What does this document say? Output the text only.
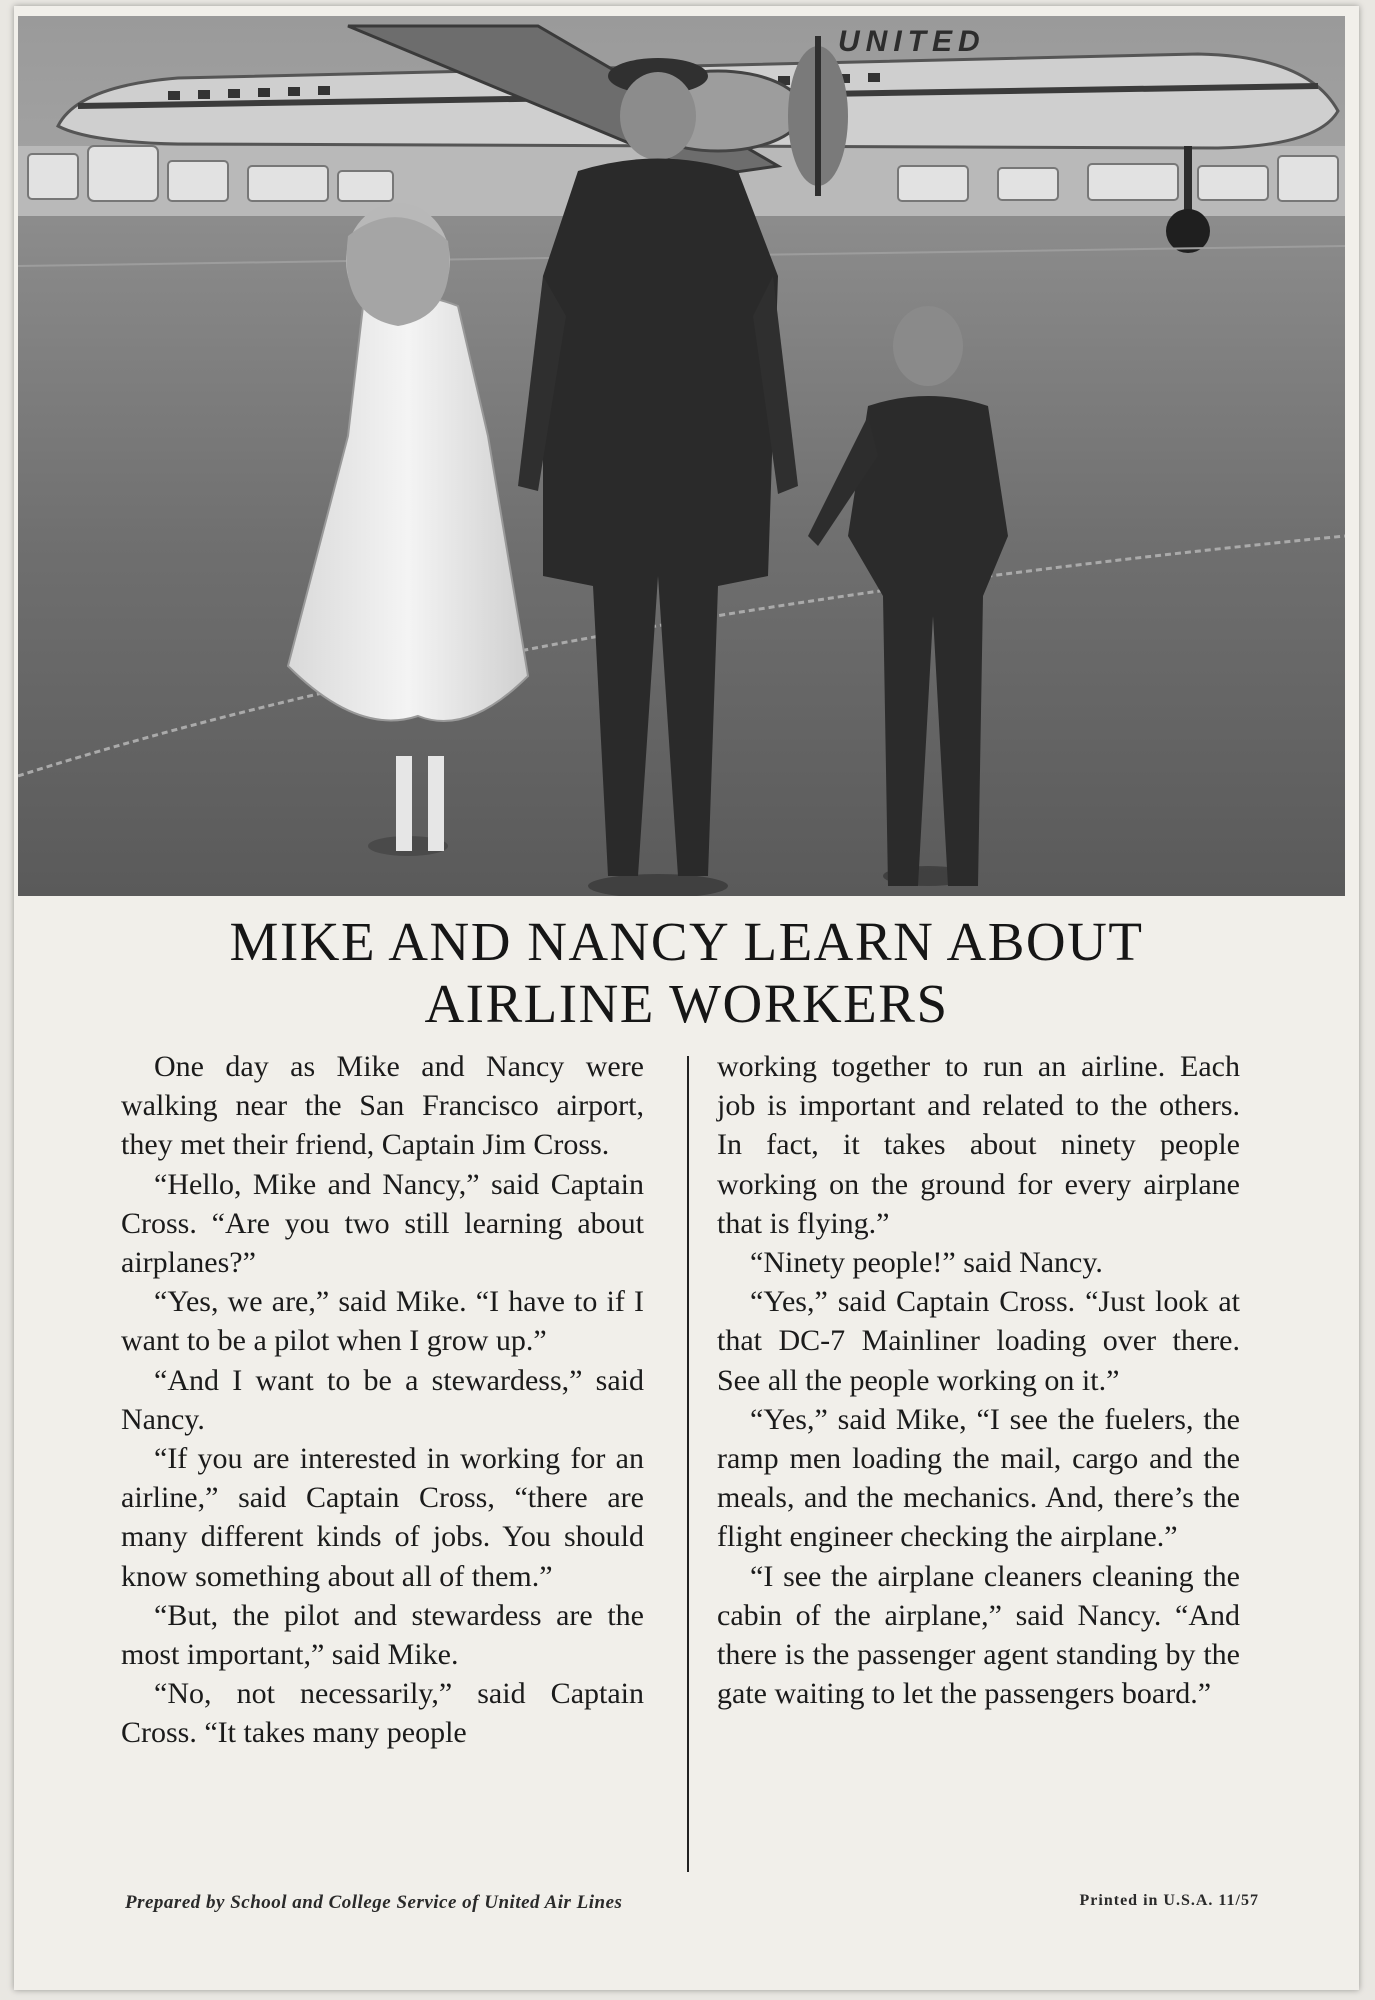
UNITED
MIKE AND NANCY LEARN ABOUT
AIRLINE WORKERS

One day as Mike and Nancy were walking near the San Francisco airport, they met their friend, Captain Jim Cross.

“Hello, Mike and Nancy,” said Captain Cross. “Are you two still learning about airplanes?”

“Yes, we are,” said Mike. “I have to if I want to be a pilot when I grow up.”

“And I want to be a stewardess,” said Nancy.

“If you are interested in working for an airline,” said Captain Cross, “there are many different kinds of jobs. You should know something about all of them.”

“But, the pilot and stewardess are the most important,” said Mike.

“No, not necessarily,” said Captain Cross. “It takes many people

working together to run an airline. Each job is important and related to the others. In fact, it takes about ninety people working on the ground for every airplane that is flying.”

“Ninety people!” said Nancy.

“Yes,” said Captain Cross. “Just look at that DC-7 Mainliner loading over there. See all the people working on it.”

“Yes,” said Mike, “I see the fuelers, the ramp men loading the mail, cargo and the meals, and the mechanics. And, there’s the flight engineer checking the airplane.”

“I see the airplane cleaners cleaning the cabin of the airplane,” said Nancy. “And there is the passenger agent standing by the gate waiting to let the passengers board.”

Prepared by School and College Service of United Air Lines	Printed in U.S.A. 11/57
